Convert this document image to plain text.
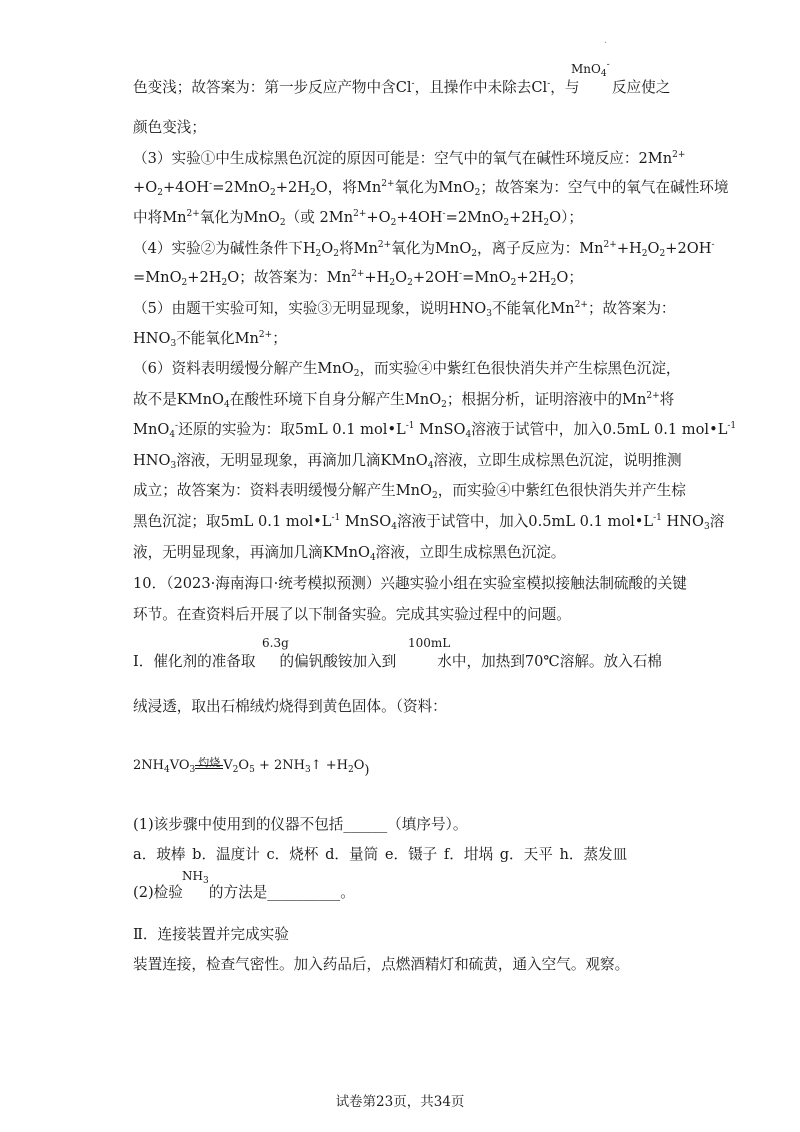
·
色变浅；故答案为：第一步反应产物中含Cl-，且操作中未除去Cl-，与 反应使之
MnO$_4$-
颜色变浅；
（3）实验①中生成棕黑色沉淀的原因可能是：空气中的氧气在碱性环境反应：$2Mn^{2+}$
$+O_2+4OH^-=2MnO_2+2H_2O$，将$Mn^{2+}$氧化为MnO$_2$；故答案为：空气中的氧气在碱性环境
中将$Mn^{2+}$氧化为MnO$_2$（或 $2Mn^{2+}+O_2+4OH^-=2MnO_2+2H_2O$）；
（4）实验②为碱性条件下$H_2O_2$将$Mn^{2+}$氧化为MnO$_2$，离子反应为：$Mn^{2+}+H_2O_2+2OH^-$
$=MnO_2+2H_2O$；故答案为：$Mn^{2+}+H_2O_2+2OH^-=MnO_2+2H_2O$；
（5）由题干实验可知，实验③无明显现象，说明$HNO_3$不能氧化$Mn^{2+}$；故答案为：
$HNO_3$不能氧化$Mn^{2+}$；
（6）资料表明缓慢分解产生MnO$_2$，而实验④中紫红色很快消失并产生棕黑色沉淀，
故不是KMnO$_4$在酸性环境下自身分解产生MnO$_2$；根据分析，证明溶液中的$Mn^{2+}$将
MnO$_4$-还原的实验为：取5mL 0.1 $mol•L^{-1}$ MnSO$_4$溶液于试管中，加入0.5mL 0.1 $mol•L^{-1}$
$HNO_3$溶液，无明显现象，再滴加几滴KMnO$_4$溶液，立即生成棕黑色沉淀，说明推测
成立；故答案为：资料表明缓慢分解产生MnO$_2$，而实验④中紫红色很快消失并产生棕
黑色沉淀；取5mL 0.1 $mol•L^{-1}$ MnSO$_4$溶液于试管中，加入0.5mL 0.1 $mol•L^{-1}$ $HNO_3$溶
液，无明显现象，再滴加几滴KMnO$_4$溶液，立即生成棕黑色沉淀。
10．（2023·海南海口·统考模拟预测）兴趣实验小组在实验室模拟接触法制硫酸的关键
环节。在查资料后开展了以下制备实验。完成其实验过程中的问题。
Ⅰ．催化剂的准备取 的偏钒酸铵加入到	水中，加热到70℃溶解。放入石棉
6.3g	100mL
绒浸透，取出石棉绒灼烧得到黄色固体。（资料：
$2NH_4VO_3$
灼烧 $V_2O_5$ + $2NH_3↑ +H_2O$)
(1)该步骤中使用到的仪器不包括______（填序号）。
a．玻棒 b．温度计 c．烧杯 d．量筒 e．镊子 f．坩埚 g．天平 h．蒸发皿
(2)检验 的方法是__________。
$NH_3$
Ⅱ．连接装置并完成实验
装置连接，检查气密性。加入药品后，点燃酒精灯和硫黄，通入空气。观察。
试卷第23页，共34页
